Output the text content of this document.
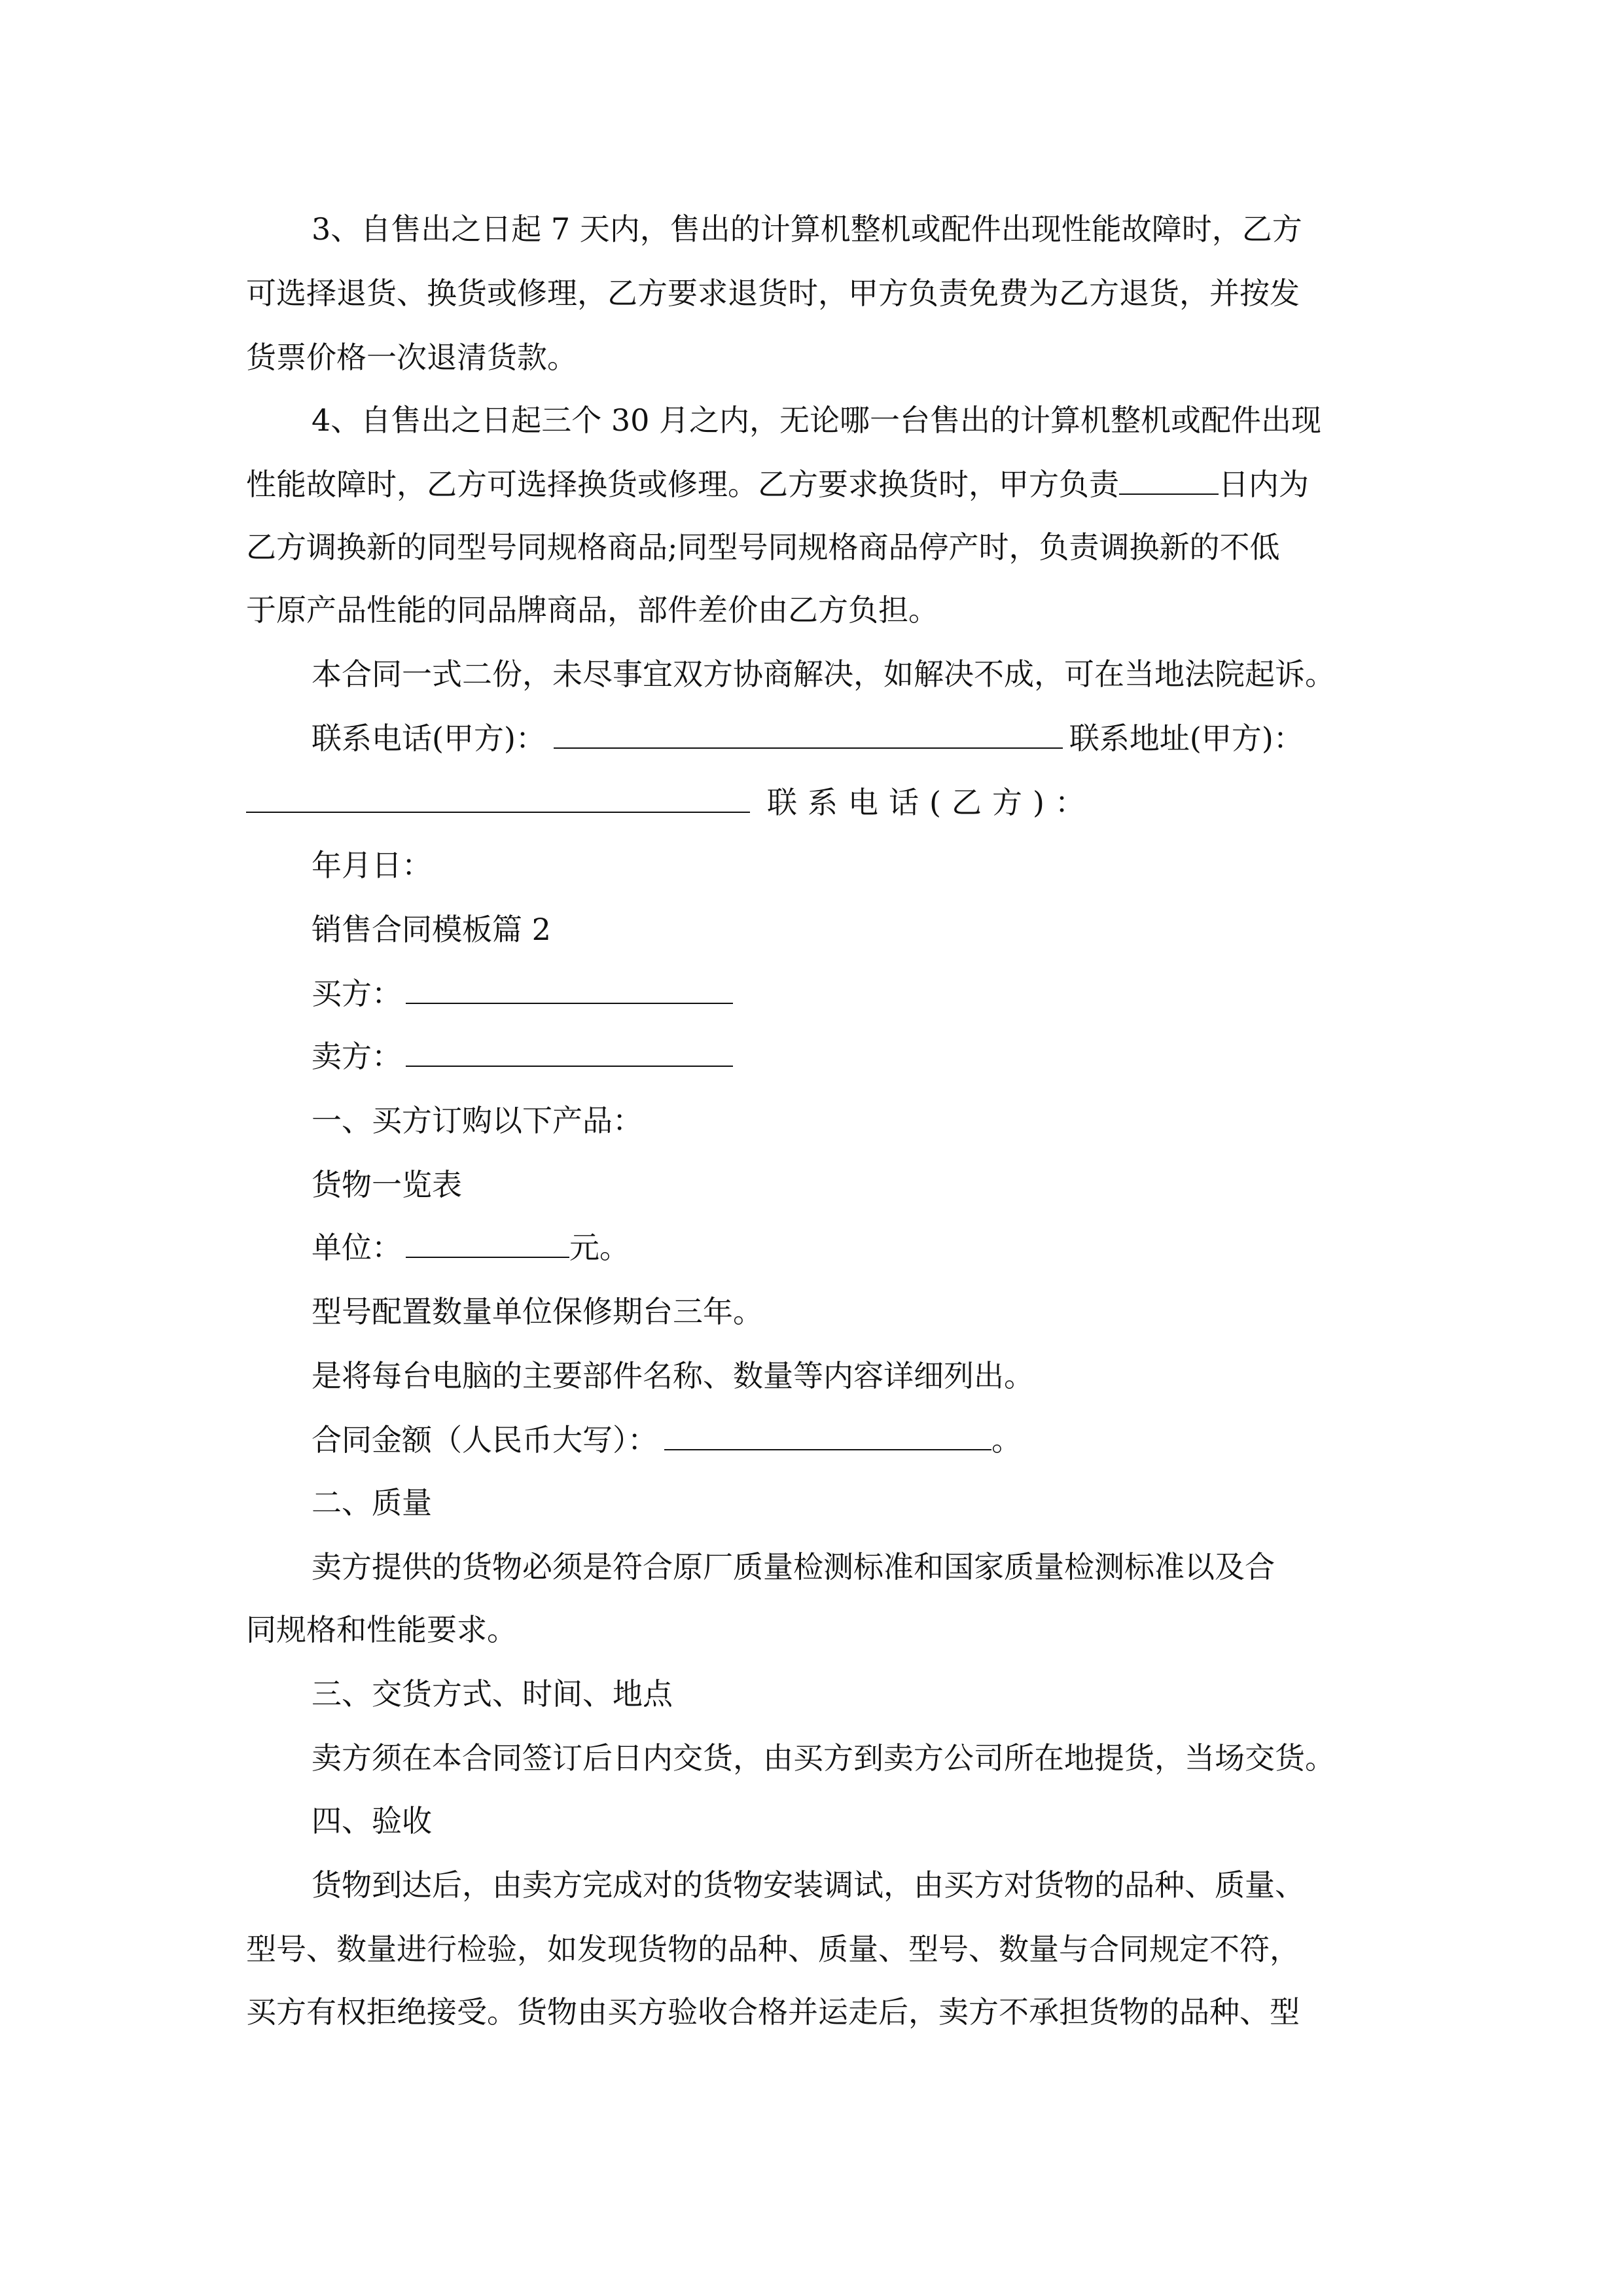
3、自售出之日起 7 天内，售出的计算机整机或配件出现性能故障时，乙方
可选择退货、换货或修理，乙方要求退货时，甲方负责免费为乙方退货，并按发
货票价格一次退清货款。
4、自售出之日起三个 30 月之内，无论哪一台售出的计算机整机或配件出现
性能故障时，乙方可选择换货或修理。乙方要求换货时，甲方负责	日内为
乙方调换新的同型号同规格商品;同型号同规格商品停产时，负责调换新的不低
于原产品性能的同品牌商品，部件差价由乙方负担。
本合同一式二份，未尽事宜双方协商解决，如解决不成，可在当地法院起诉。
联系电话(甲方)：	联系地址(甲方)：
联系电话(乙方)：
年月日：
销售合同模板篇 2
买方：
卖方：
一、买方订购以下产品：
货物一览表
单位：	元。
型号配置数量单位保修期台三年。
是将每台电脑的主要部件名称、数量等内容详细列出。
合同金额（人民币大写）：	。
二、质量
卖方提供的货物必须是符合原厂质量检测标准和国家质量检测标准以及合
同规格和性能要求。
三、交货方式、时间、地点
卖方须在本合同签订后日内交货，由买方到卖方公司所在地提货，当场交货。
四、验收
货物到达后，由卖方完成对的货物安装调试，由买方对货物的品种、质量、
型号、数量进行检验，如发现货物的品种、质量、型号、数量与合同规定不符，
买方有权拒绝接受。货物由买方验收合格并运走后，卖方不承担货物的品种、型
